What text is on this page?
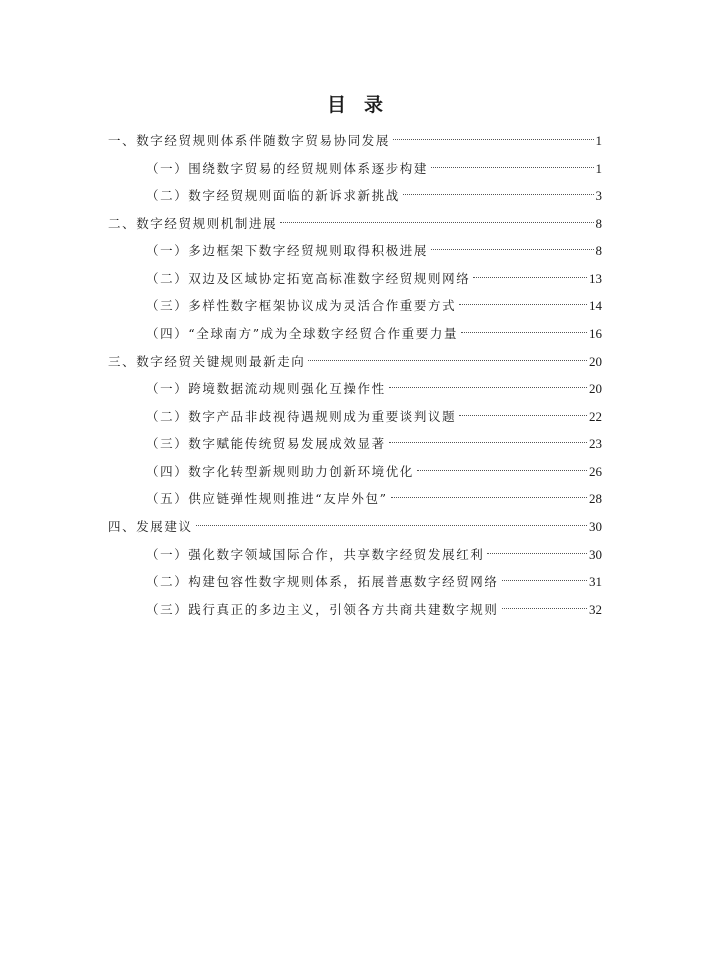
目 录
一、数字经贸规则体系伴随数字贸易协同发展	1
（一）围绕数字贸易的经贸规则体系逐步构建	1
（二）数字经贸规则面临的新诉求新挑战	3
二、数字经贸规则机制进展	8
（一）多边框架下数字经贸规则取得积极进展	8
（二）双边及区域协定拓宽高标准数字经贸规则网络	13
（三）多样性数字框架协议成为灵活合作重要方式	14
（四）“全球南方”成为全球数字经贸合作重要力量	16
三、数字经贸关键规则最新走向	20
（一）跨境数据流动规则强化互操作性	20
（二）数字产品非歧视待遇规则成为重要谈判议题	22
（三）数字赋能传统贸易发展成效显著	23
（四）数字化转型新规则助力创新环境优化	26
（五）供应链弹性规则推进“友岸外包”	28
四、发展建议	30
（一）强化数字领域国际合作，共享数字经贸发展红利	30
（二）构建包容性数字规则体系，拓展普惠数字经贸网络	31
（三）践行真正的多边主义，引领各方共商共建数字规则	32
